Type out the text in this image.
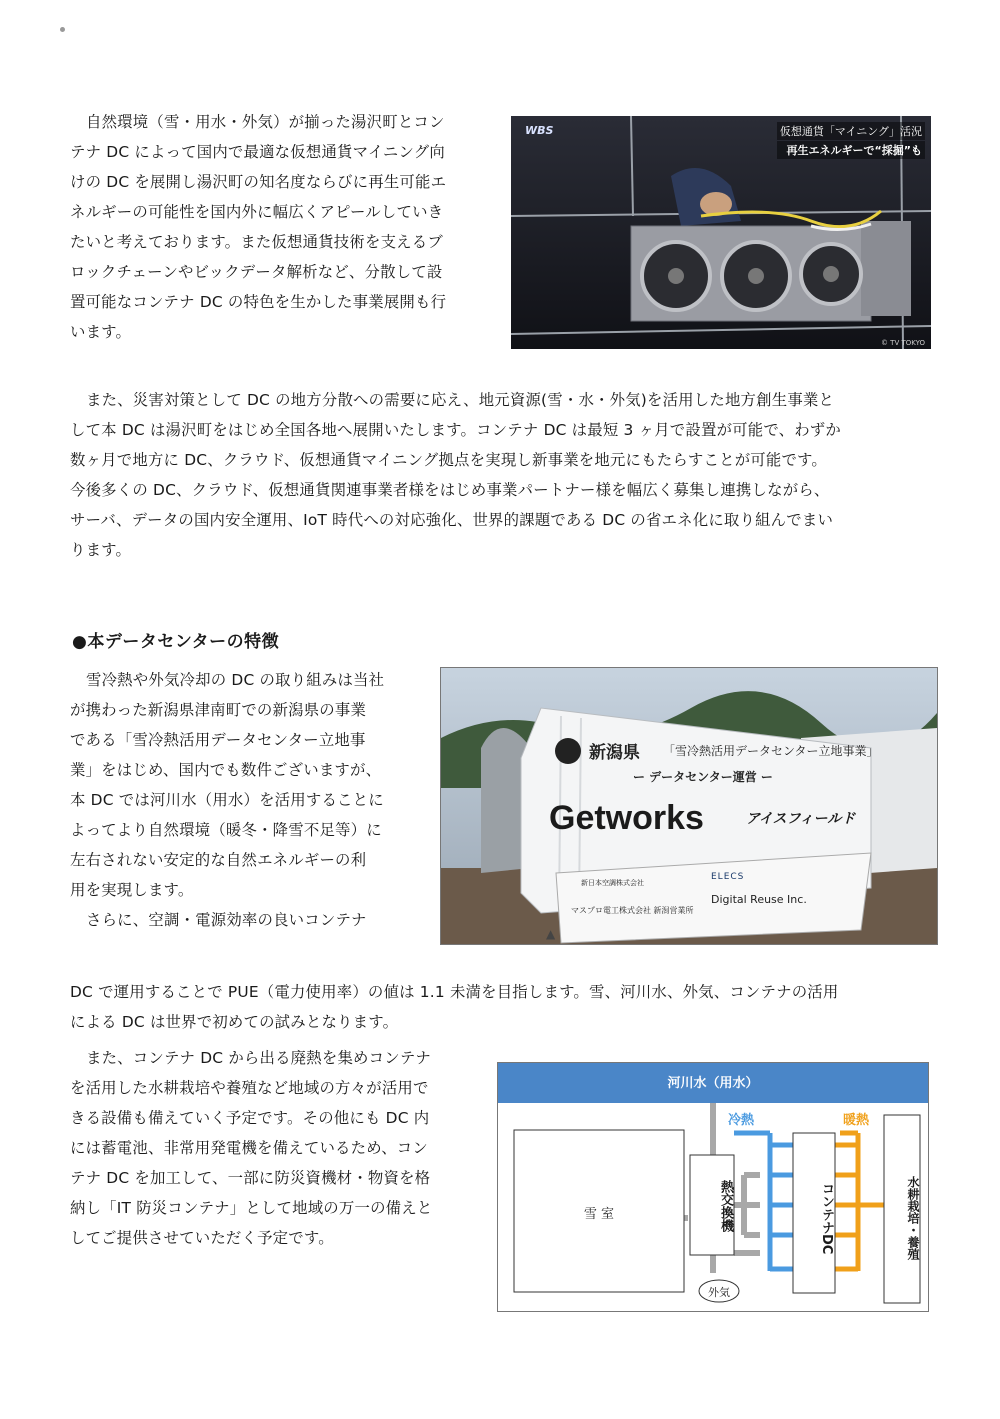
自然環境（雪・用水・外気）が揃った湯沢町とコン
テナ DC によって国内で最適な仮想通貨マイニング向
けの DC を展開し湯沢町の知名度ならびに再生可能エ
ネルギーの可能性を国内外に幅広くアピールしていき
たいと考えております。また仮想通貨技術を支えるブ
ロックチェーンやビックデータ解析など、分散して設
置可能なコンテナ DC の特色を生かした事業展開も行
います。
WBS	仮想通貨「マイニング」活況
再生エネルギーで“採掘”も
© TV TOKYO
また、災害対策として DC の地方分散への需要に応え、地元資源(雪・水・外気)を活用した地方創生事業と
して本 DC は湯沢町をはじめ全国各地へ展開いたします。コンテナ DC は最短 3 ヶ月で設置が可能で、わずか
数ヶ月で地方に DC、クラウド、仮想通貨マイニング拠点を実現し新事業を地元にもたらすことが可能です。
今後多くの DC、クラウド、仮想通貨関連事業者様をはじめ事業パートナー様を幅広く募集し連携しながら、
サーバ、データの国内安全運用、IoT 時代への対応強化、世界的課題である DC の省エネ化に取り組んでまい
ります。
●本データセンターの特徴
雪冷熱や外気冷却の DC の取り組みは当社
が携わった新潟県津南町での新潟県の事業
である「雪冷熱活用データセンター立地事
業」をはじめ、国内でも数件ございますが、
本 DC では河川水（用水）を活用することに
よってより自然環境（暖冬・降雪不足等）に
左右されない安定的な自然エネルギーの利
用を実現します。
さらに、空調・電源効率の良いコンテナ
▲
新潟県 「雪冷熱活用データセンター立地事業」
ー データセンター運営 ー
Getworks	アイスフィールド
新日本空調株式会社
ELECS
マスプロ電工株式会社 新潟営業所
Digital Reuse Inc.
DC で運用することで PUE（電力使用率）の値は 1.1 未満を目指します。雪、河川水、外気、コンテナの活用
による DC は世界で初めての試みとなります。
また、コンテナ DC から出る廃熱を集めコンテナ
を活用した水耕栽培や養殖など地域の方々が活用で
きる設備も備えていく予定です。その他にも DC 内
には蓄電池、非常用発電機を備えているため、コン
テナ DC を加工して、一部に防災資機材・物資を格
納し「IT 防災コンテナ」として地域の万一の備えと
してご提供させていただく予定です。
河川水（用水）
冷熱	暖熱
雪 室	熱交換機	コンテナDC	水耕栽培・養殖
外気
